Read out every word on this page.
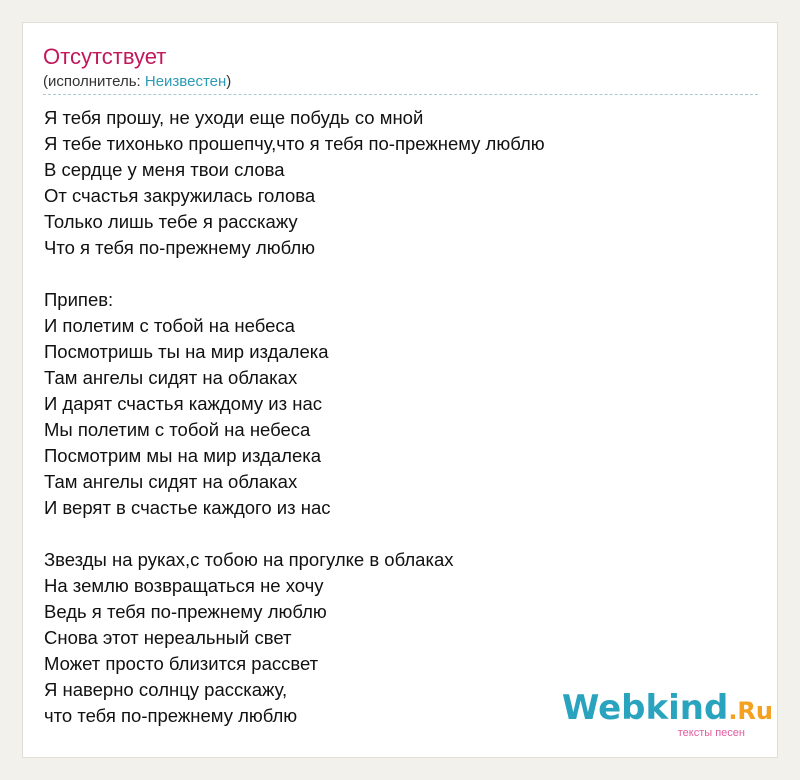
Отсутствует
(исполнитель: Неизвестен)
Я тебя прошу, не уходи еще побудь со мной
Я тебе тихонько прошепчу,что я тебя по-прежнему люблю
В сердце у меня твои слова
От счастья закружилась голова
Только лишь тебе я расскажу
Что я тебя по-прежнему люблю
Припев:
И полетим с тобой на небеса
Посмотришь ты на мир издалека
Там ангелы сидят на облаках
И дарят счастья каждому из нас
Мы полетим с тобой на небеса
Посмотрим мы на мир издалека
Там ангелы сидят на облаках
И верят в счастье каждого из нас
Звезды на руках,с тобою на прогулке в облаках
На землю возвращаться не хочу
Ведь я тебя по-прежнему люблю
Снова этот нереальный свет
Может просто близится рассвет
Я наверно солнцу расскажу,
что тебя по-прежнему люблю	Webkind.Ru
тексты песен
